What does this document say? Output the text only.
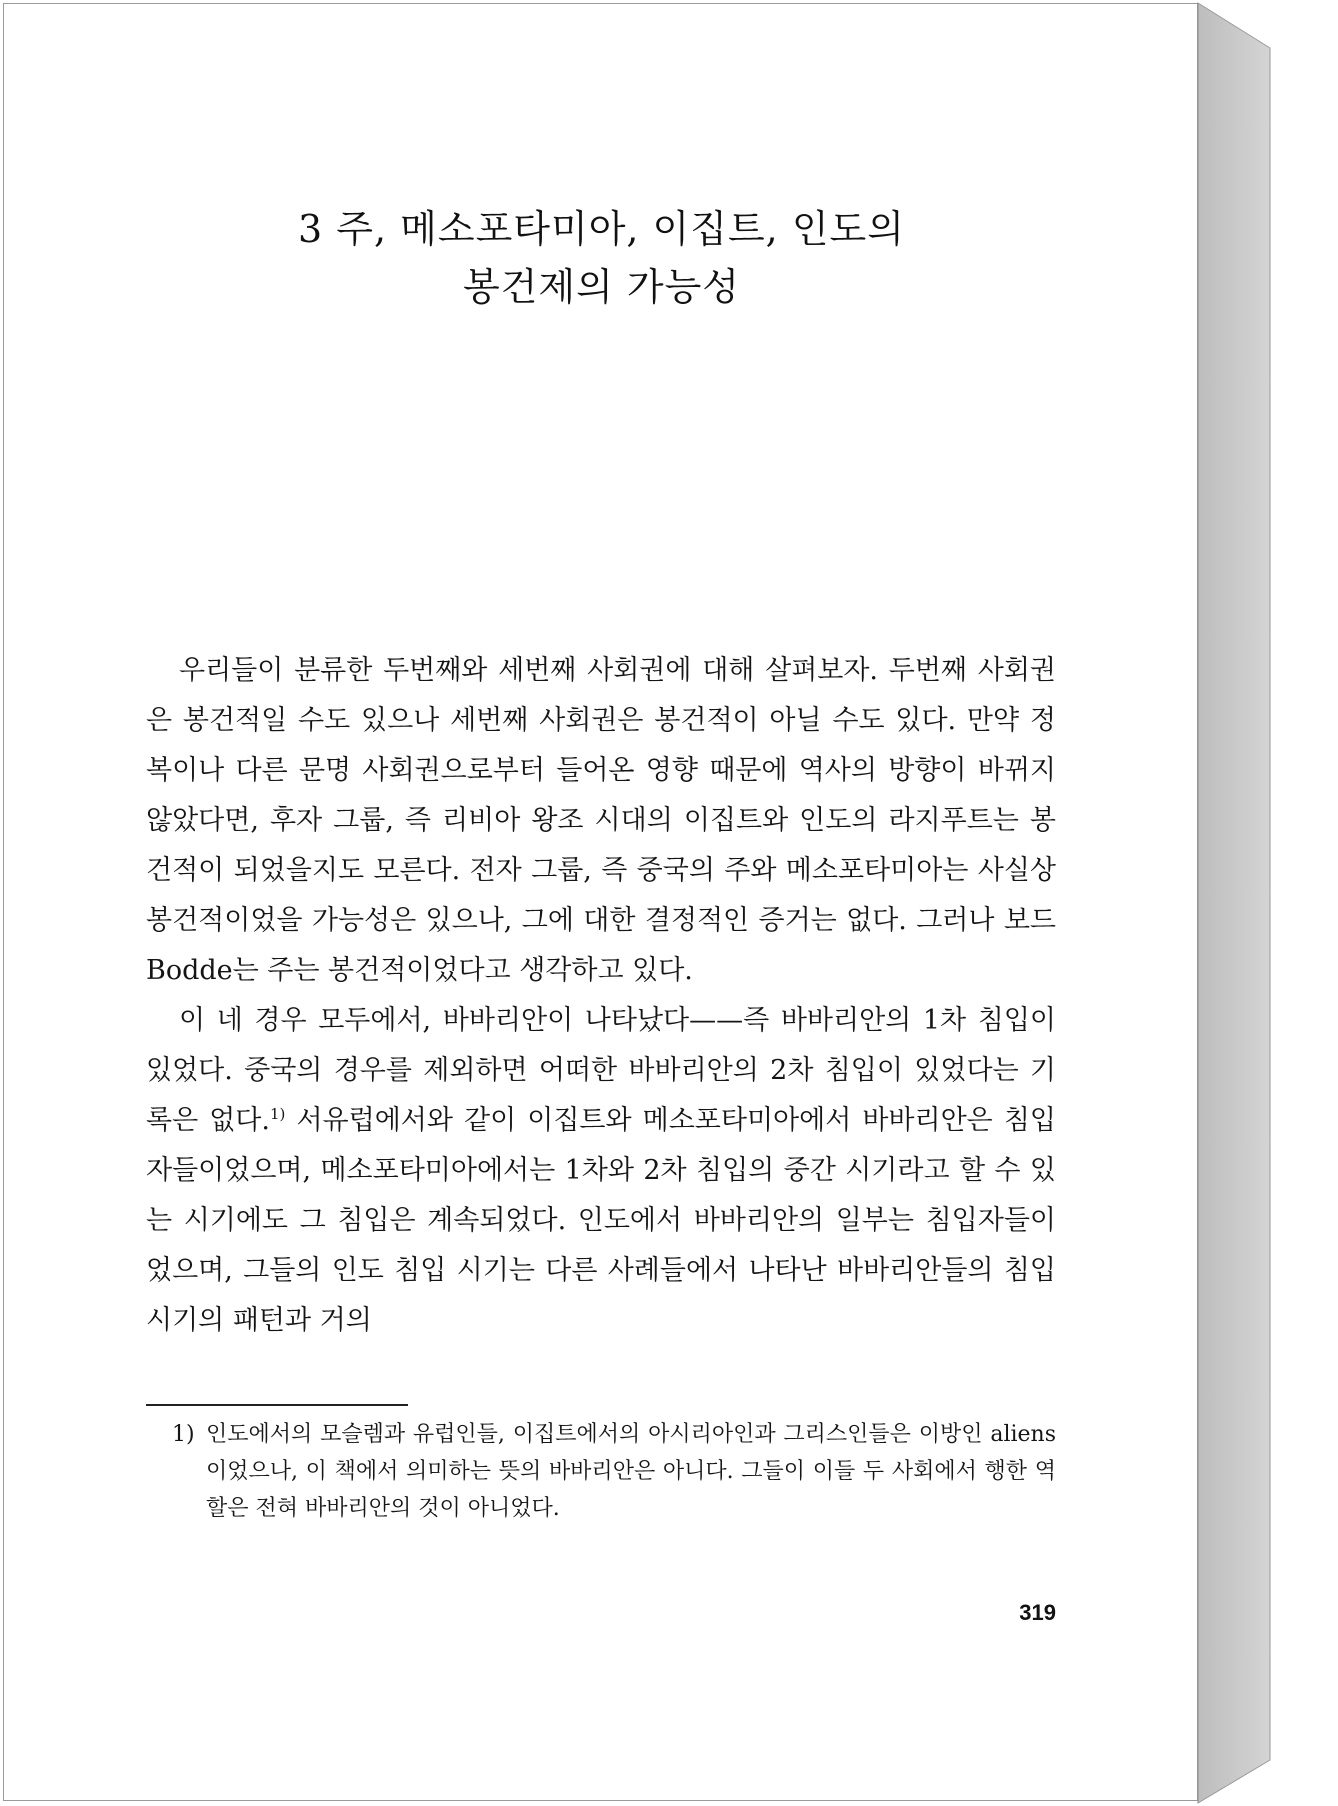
3 주, 메소포타미아, 이집트, 인도의
봉건제의 가능성

우리들이 분류한 두번째와 세번째 사회권에 대해 살펴보자. 두번째 사회권은 봉건적일 수도 있으나 세번째 사회권은 봉건적이 아닐 수도 있다. 만약 정복이나 다른 문명 사회권으로부터 들어온 영향 때문에 역사의 방향이 바뀌지 않았다면, 후자 그룹, 즉 리비아 왕조 시대의 이집트와 인도의 라지푸트는 봉건적이 되었을지도 모른다. 전자 그룹, 즉 중국의 주와 메소포타미아는 사실상 봉건적이었을 가능성은 있으나, 그에 대한 결정적인 증거는 없다. 그러나 보드Bodde는 주는 봉건적이었다고 생각하고 있다.

이 네 경우 모두에서, 바바리안이 나타났다——즉 바바리안의 1차 침입이 있었다. 중국의 경우를 제외하면 어떠한 바바리안의 2차 침입이 있었다는 기록은 없다.$^{1)}$ 서유럽에서와 같이 이집트와 메소포타미아에서 바바리안은 침입자들이었으며, 메소포타미아에서는 1차와 2차 침입의 중간 시기라고 할 수 있는 시기에도 그 침입은 계속되었다. 인도에서 바바리안의 일부는 침입자들이었으며, 그들의 인도 침입 시기는 다른 사례들에서 나타난 바바리안들의 침입 시기의 패턴과 거의

1) 인도에서의 모슬렘과 유럽인들, 이집트에서의 아시리아인과 그리스인들은 이방인 aliens이었으나, 이 책에서 의미하는 뜻의 바바리안은 아니다. 그들이 이들 두 사회에서 행한 역할은 전혀 바바리안의 것이 아니었다.
319
